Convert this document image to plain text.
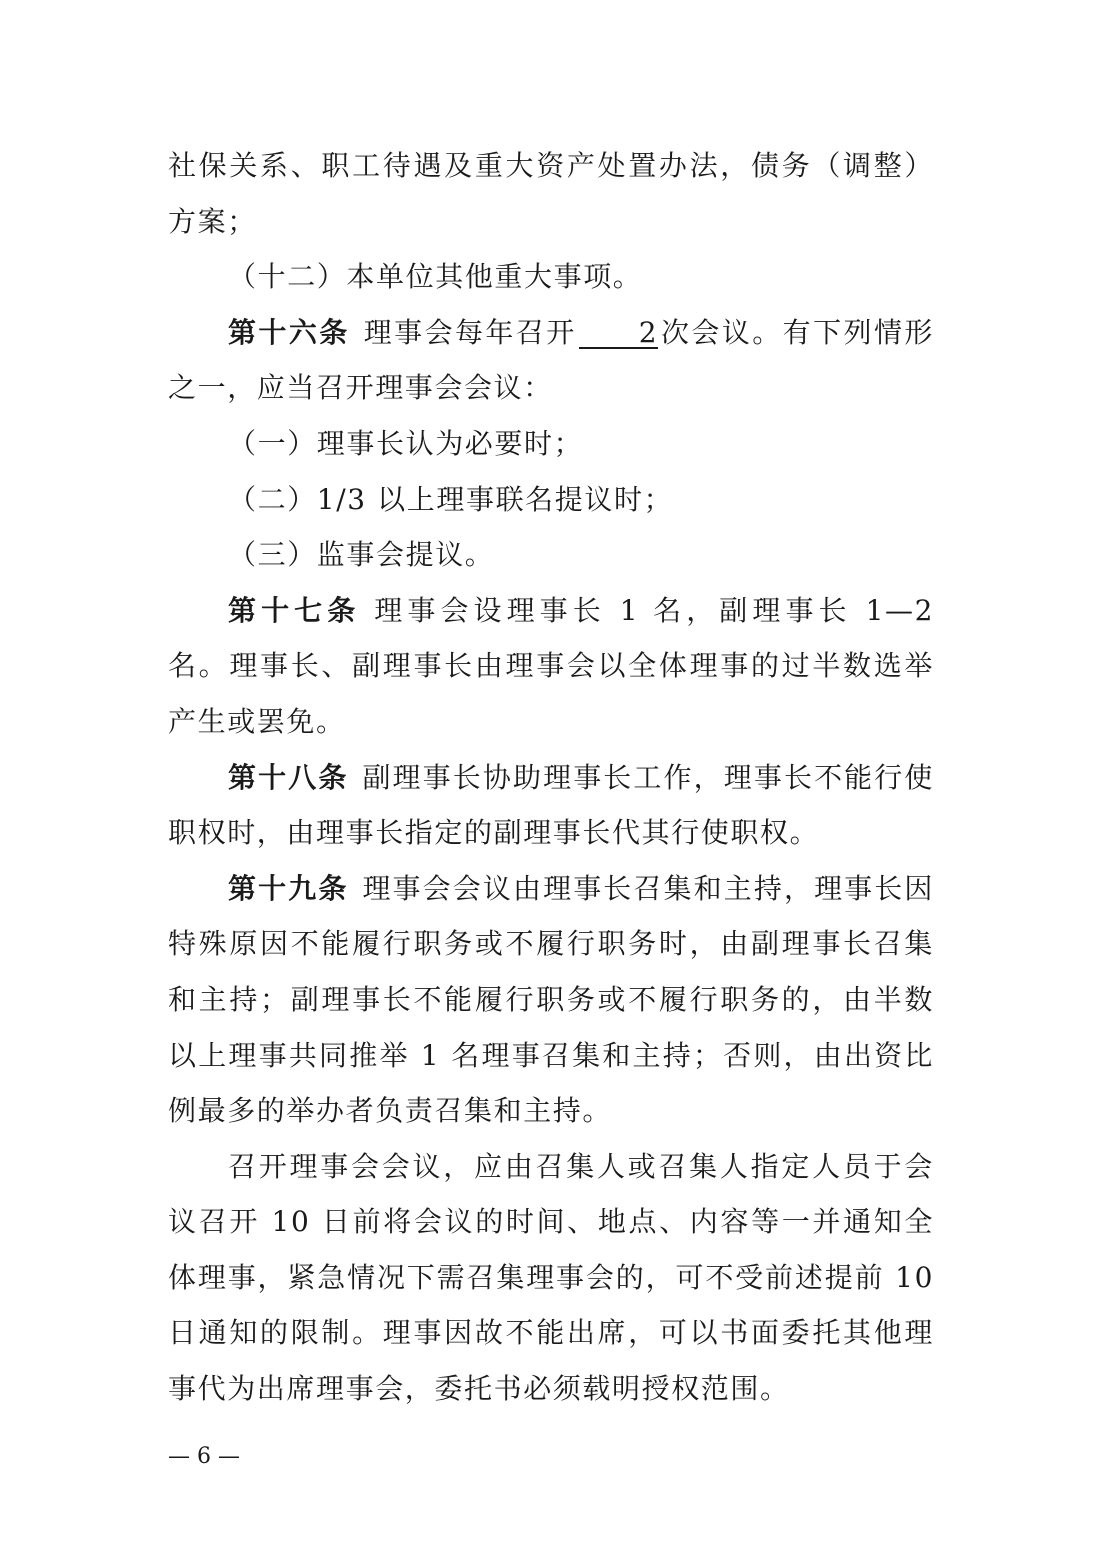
社保关系、职工待遇及重大资产处置办法，债务（调整）方案；

（十二）本单位其他重大事项。

第十六条 理事会每年召开 2次会议。有下列情形之一，应当召开理事会会议：

（一）理事长认为必要时；

（二）1/3 以上理事联名提议时；

（三）监事会提议。

第十七条 理事会设理事长 1 名，副理事长 1—2 名。理事长、副理事长由理事会以全体理事的过半数选举产生或罢免。

第十八条 副理事长协助理事长工作，理事长不能行使职权时，由理事长指定的副理事长代其行使职权。

第十九条 理事会会议由理事长召集和主持，理事长因特殊原因不能履行职务或不履行职务时，由副理事长召集和主持；副理事长不能履行职务或不履行职务的，由半数以上理事共同推举 1 名理事召集和主持；否则，由出资比例最多的举办者负责召集和主持。

召开理事会会议，应由召集人或召集人指定人员于会议召开 10 日前将会议的时间、地点、内容等一并通知全体理事，紧急情况下需召集理事会的，可不受前述提前 10 日通知的限制。理事因故不能出席，可以书面委托其他理事代为出席理事会，委托书必须载明授权范围。

— 6 —
